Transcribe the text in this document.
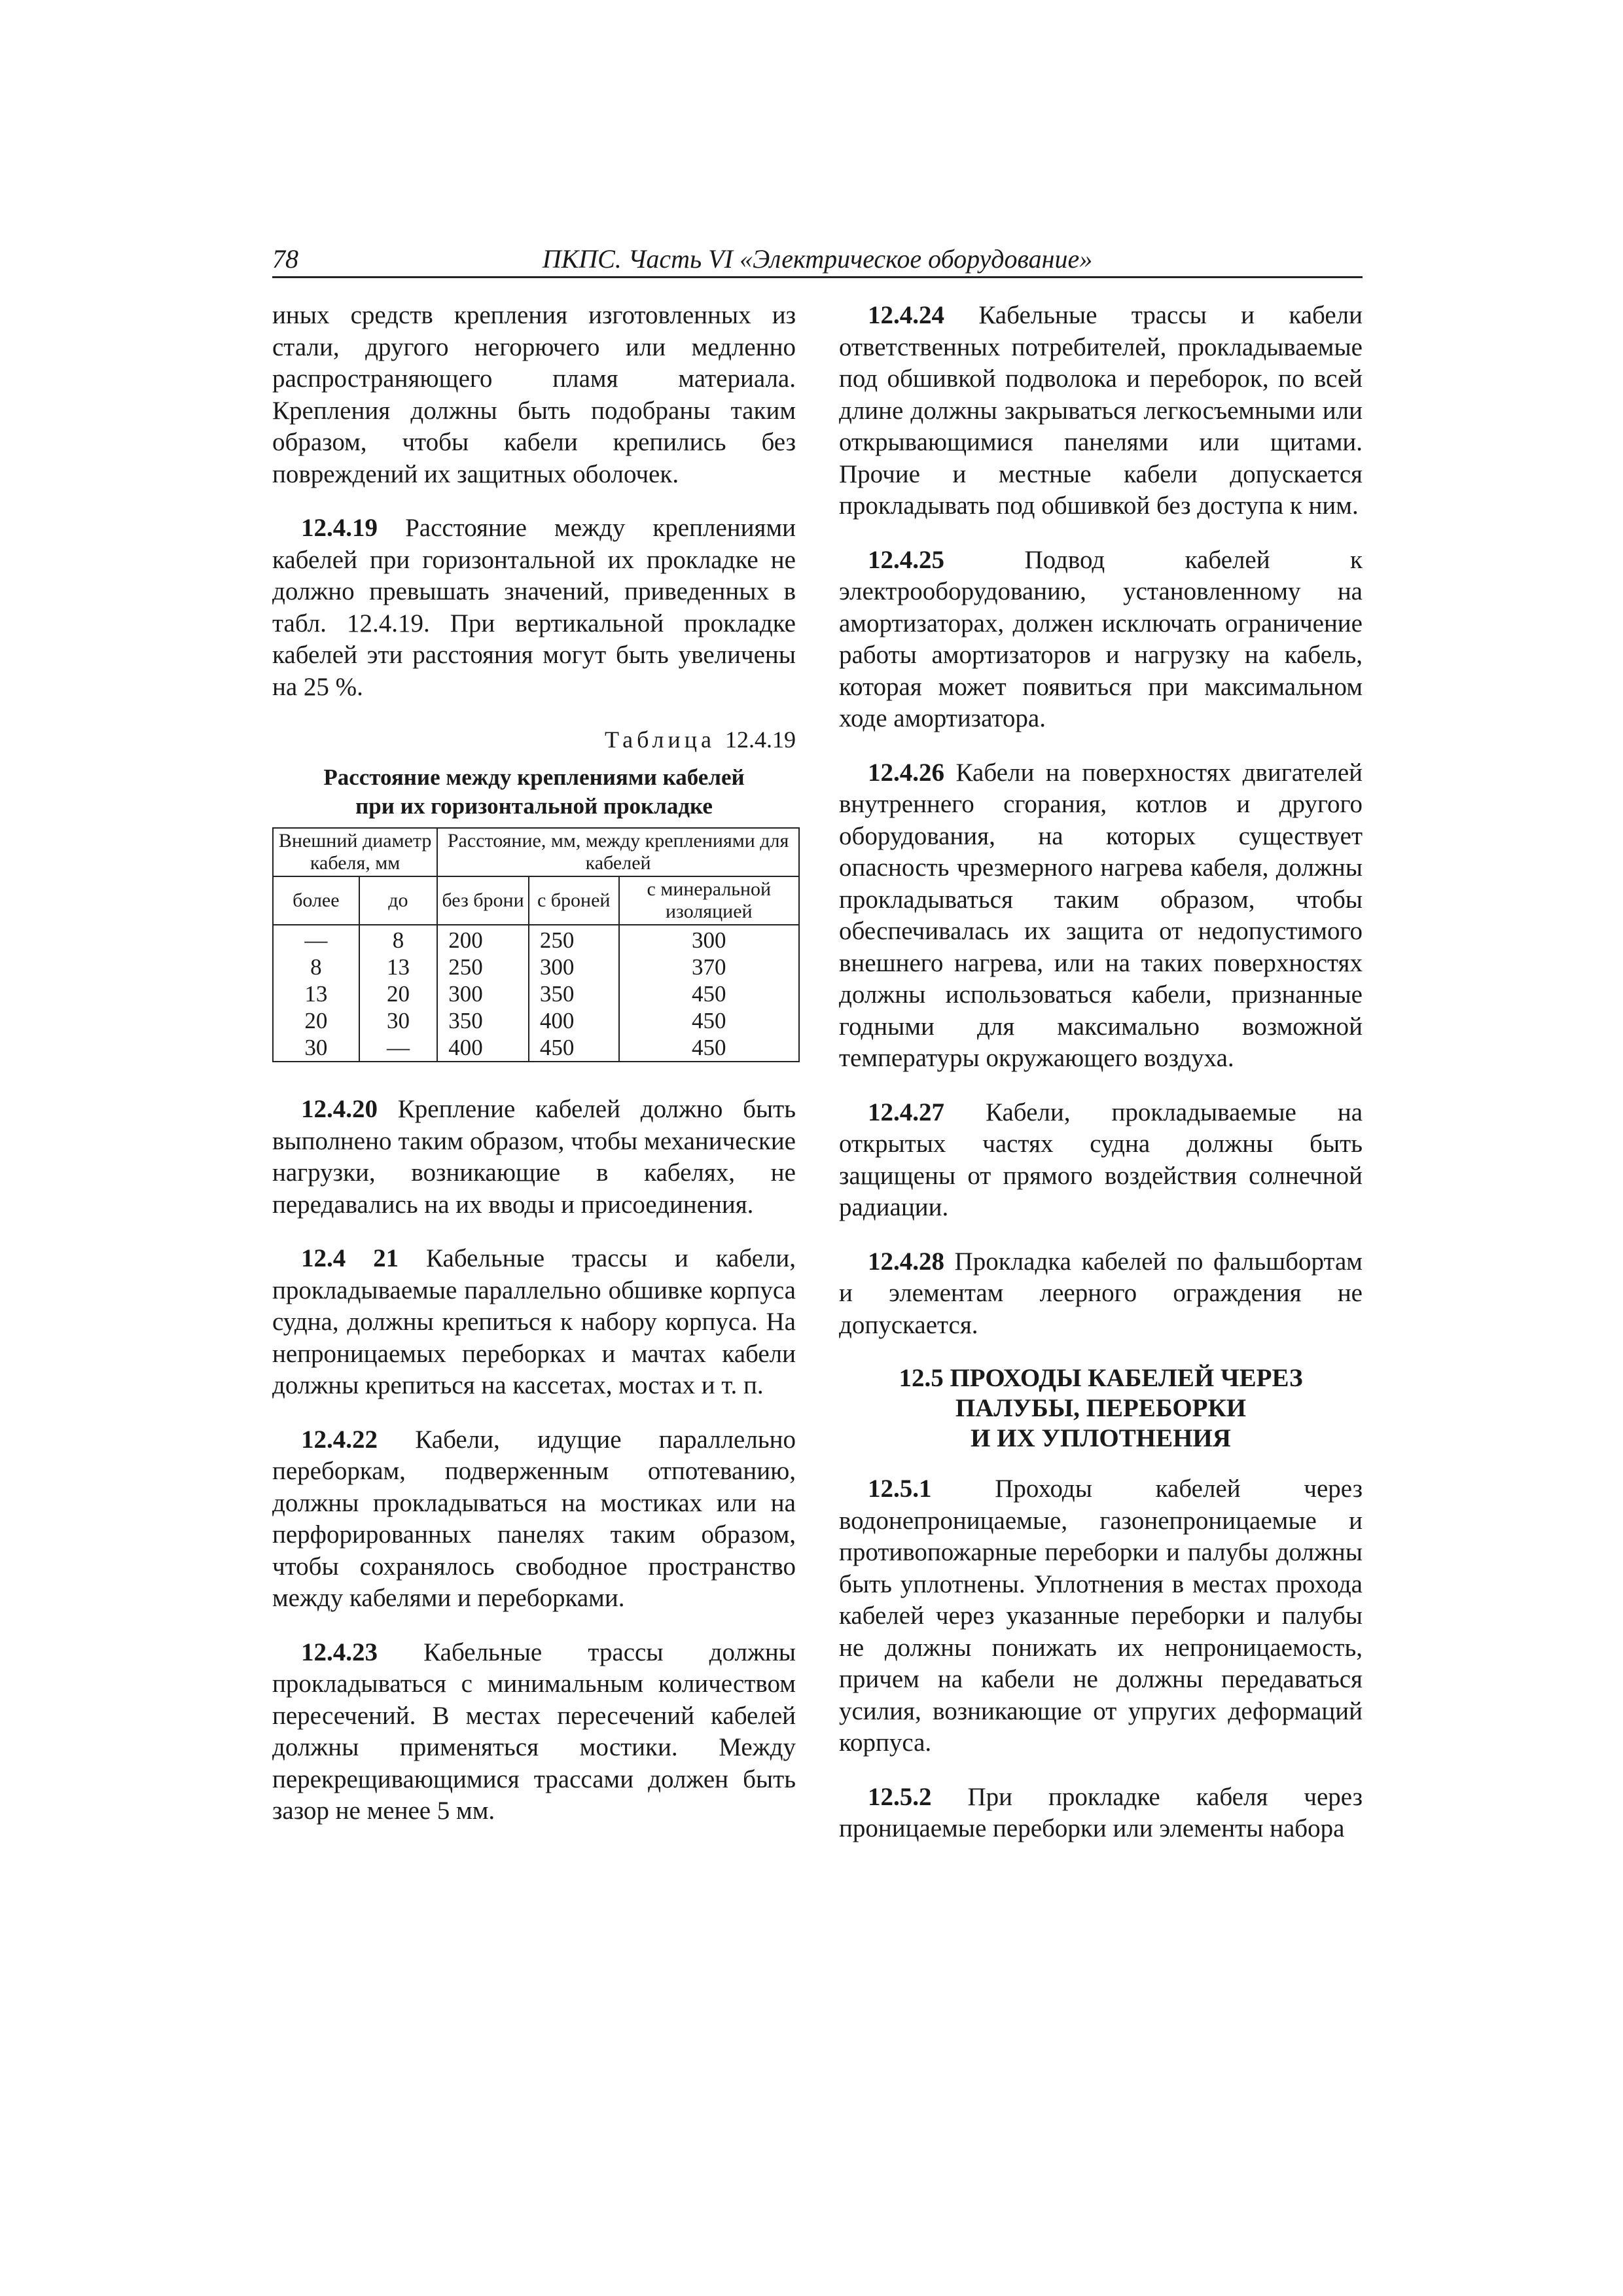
78	ПКПС. Часть VI «Электрическое оборудование»

иных средств крепления изготовленных из стали, другого негорючего или медленно распространяющего пламя материала. Крепления должны быть подобраны таким образом, чтобы кабели крепились без повреждений их защитных оболочек.

12.4.19 Расстояние между креплениями кабелей при горизонтальной их прокладке не должно превышать значений, приведенных в табл. 12.4.19. При вертикальной прокладке кабелей эти расстояния могут быть увеличены на 25 %.

Таблица 12.4.19
Расстояние между креплениями кабелей
при их горизонтальной прокладке
Внешний диаметр кабеля, мм		Расстояние, мм, между креплениями для кабелей		
более	до	без брони	с броней	с минеральной изоляцией
—	8	200	250	300
8	13	250	300	370
13	20	300	350	450
20	30	350	400	450
30	—	400	450	450

12.4.20 Крепление кабелей должно быть выполнено таким образом, чтобы механические нагрузки, возникающие в кабелях, не передавались на их вводы и присоединения.

12.4 21 Кабельные трассы и кабели, прокладываемые параллельно обшивке корпуса судна, должны крепиться к набору корпуса. На непроницаемых переборках и мачтах кабели должны крепиться на кассетах, мостах и т. п.

12.4.22 Кабели, идущие параллельно переборкам, подверженным отпотеванию, должны прокладываться на мостиках или на перфорированных панелях таким образом, чтобы сохранялось свободное пространство между кабелями и переборками.

12.4.23 Кабельные трассы должны прокладываться с минимальным количеством пересечений. В местах пересечений кабелей должны применяться мостики. Между перекрещивающимися трассами должен быть зазор не менее 5 мм.

12.4.24 Кабельные трассы и кабели ответственных потребителей, прокладываемые под обшивкой подволока и переборок, по всей длине должны закрываться легкосъемными или открывающимися панелями или щитами. Прочие и местные кабели допускается прокладывать под обшивкой без доступа к ним.

12.4.25 Подвод кабелей к электрооборудованию, установленному на амортизаторах, должен исключать ограничение работы амортизаторов и нагрузку на кабель, которая может появиться при максимальном ходе амортизатора.

12.4.26 Кабели на поверхностях двигателей внутреннего сгорания, котлов и другого оборудования, на которых существует опасность чрезмерного нагрева кабеля, должны прокладываться таким образом, чтобы обеспечивалась их защита от недопустимого внешнего нагрева, или на таких поверхностях должны использоваться кабели, признанные годными для максимально возможной температуры окружающего воздуха.

12.4.27 Кабели, прокладываемые на открытых частях судна должны быть защищены от прямого воздействия солнечной радиации.

12.4.28 Прокладка кабелей по фальшбортам и элементам леерного ограждения не допускается.

12.5 ПРОХОДЫ КАБЕЛЕЙ ЧЕРЕЗ
ПАЛУБЫ, ПЕРЕБОРКИ
И ИХ УПЛОТНЕНИЯ

12.5.1 Проходы кабелей через водонепроницаемые, газонепроницаемые и противопожарные переборки и палубы должны быть уплотнены. Уплотнения в местах прохода кабелей через указанные переборки и палубы не должны понижать их непроницаемость, причем на кабели не должны передаваться усилия, возникающие от упругих деформаций корпуса.

12.5.2 При прокладке кабеля через проницаемые переборки или элементы набора
